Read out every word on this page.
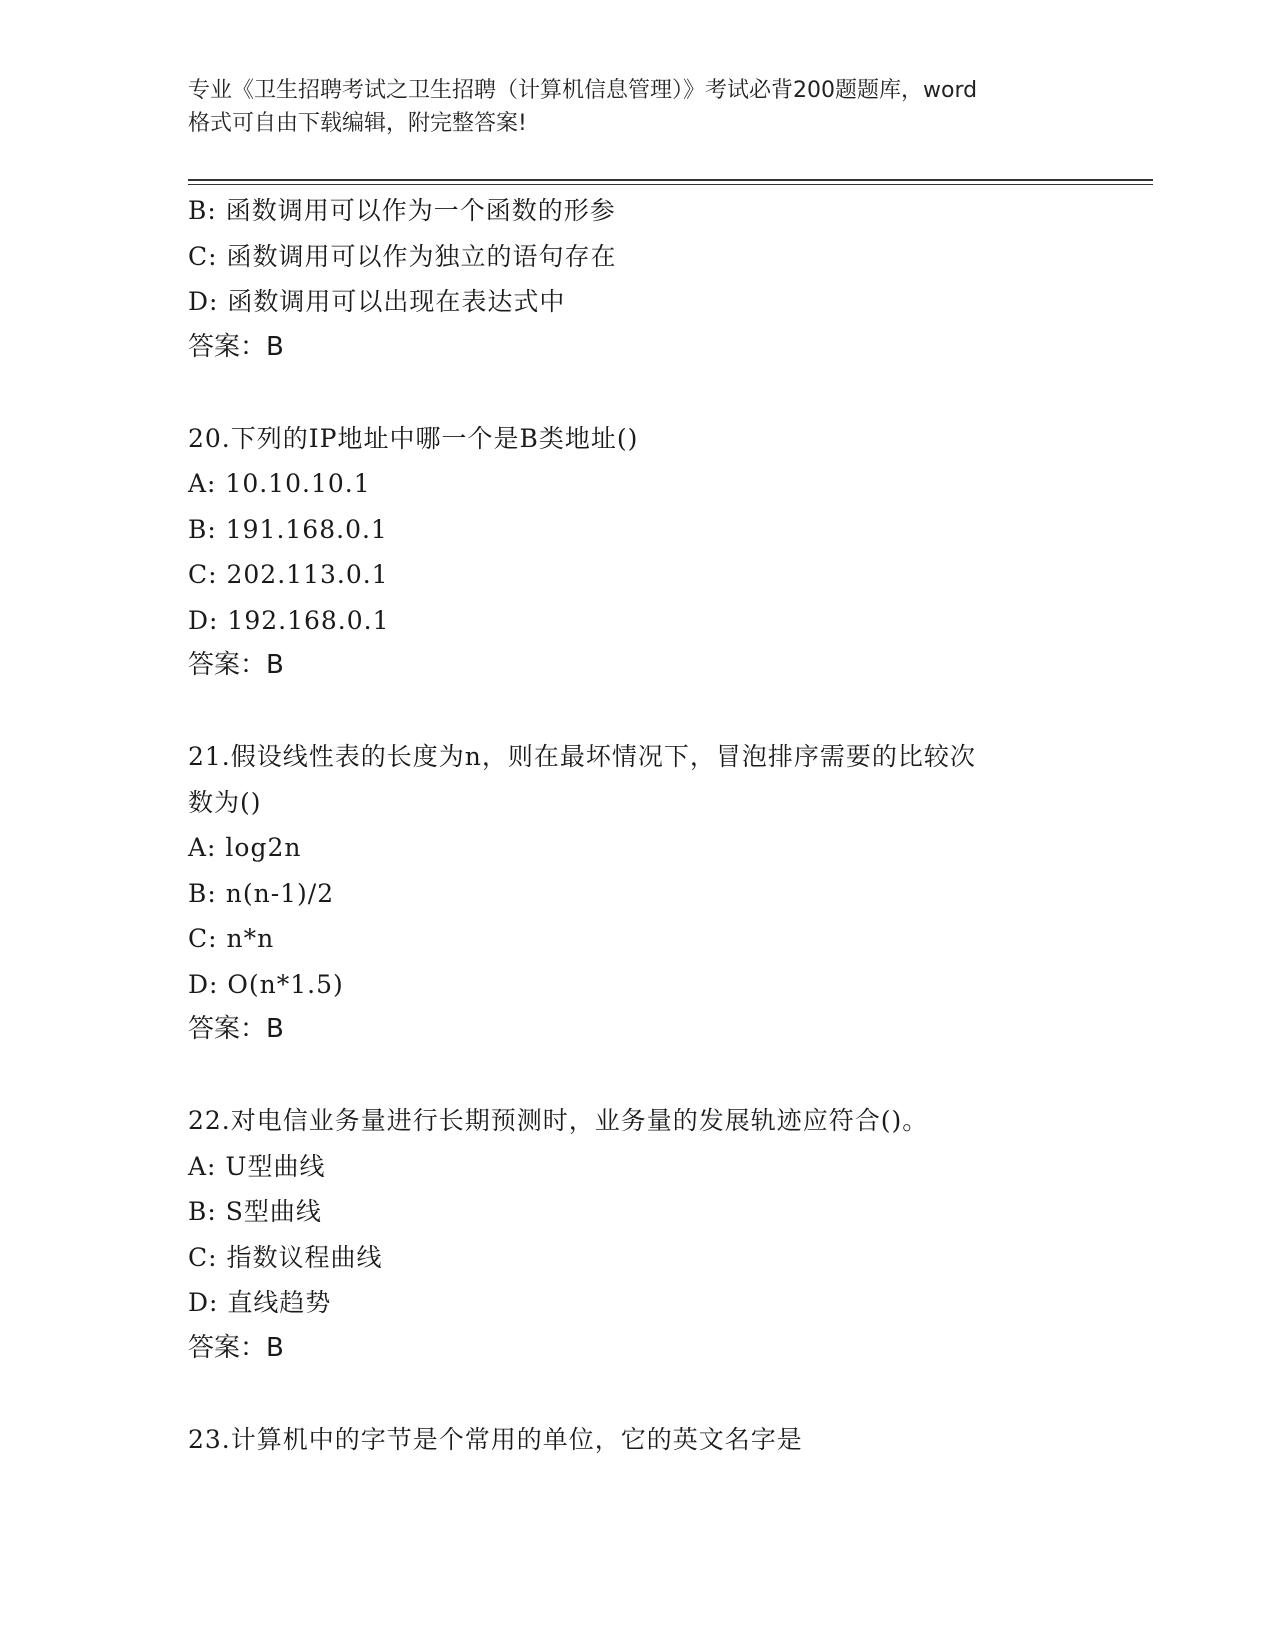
专业《卫生招聘考试之卫生招聘（计算机信息管理）》考试必背200题题库，word
格式可自由下载编辑，附完整答案!
B: 函数调用可以作为一个函数的形参
C: 函数调用可以作为独立的语句存在
D: 函数调用可以出现在表达式中
答案：B
20.下列的IP地址中哪一个是B类地址()
A: 10.10.10.1
B: 191.168.0.1
C: 202.113.0.1
D: 192.168.0.1
答案：B
21.假设线性表的长度为n，则在最坏情况下，冒泡排序需要的比较次
数为()
A: log2n
B: n(n-1)/2
C: n*n
D: O(n*1.5)
答案：B
22.对电信业务量进行长期预测时，业务量的发展轨迹应符合()。
A: U型曲线
B: S型曲线
C: 指数议程曲线
D: 直线趋势
答案：B
23.计算机中的字节是个常用的单位，它的英文名字是
